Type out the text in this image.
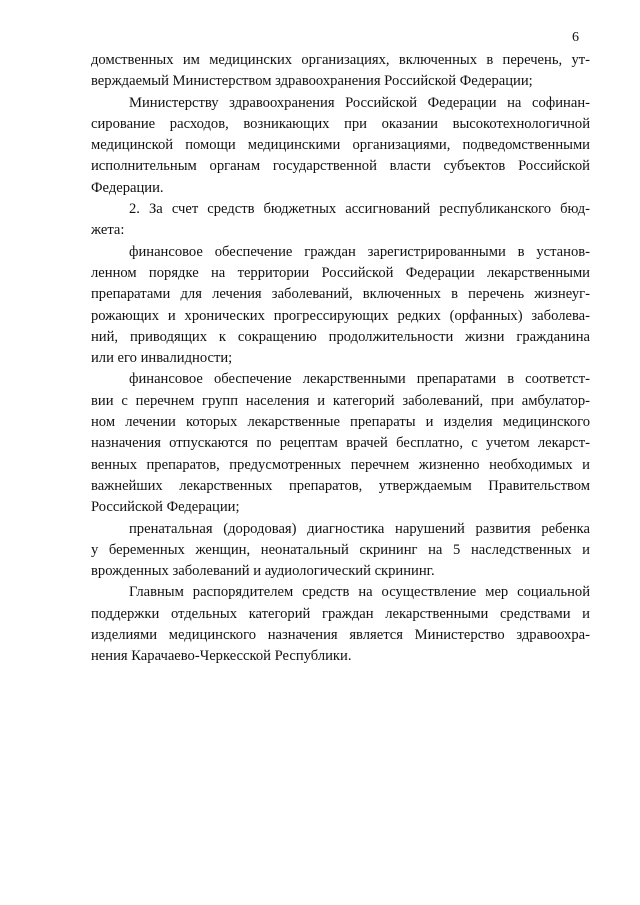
6
домственных им медицинских организациях, включенных в перечень, ут-
верждаемый Министерством здравоохранения Российской Федерации;
Министерству здравоохранения Российской Федерации на софинан-
сирование расходов, возникающих при оказании высокотехнологичной
медицинской помощи медицинскими организациями, подведомственными
исполнительным органам государственной власти субъектов Российской
Федерации.
2. За счет средств бюджетных ассигнований республиканского бюд-
жета:
финансовое обеспечение граждан зарегистрированными в установ-
ленном порядке на территории Российской Федерации лекарственными
препаратами для лечения заболеваний, включенных в перечень жизнеуг-
рожающих и хронических прогрессирующих редких (орфанных) заболева-
ний, приводящих к сокращению продолжительности жизни гражданина
или его инвалидности;
финансовое обеспечение лекарственными препаратами в соответст-
вии с перечнем групп населения и категорий заболеваний, при амбулатор-
ном лечении которых лекарственные препараты и изделия медицинского
назначения отпускаются по рецептам врачей бесплатно, с учетом лекарст-
венных препаратов, предусмотренных перечнем жизненно необходимых и
важнейших лекарственных препаратов, утверждаемым Правительством
Российской Федерации;
пренатальная (дородовая) диагностика нарушений развития ребенка
у беременных женщин, неонатальный скрининг на 5 наследственных и
врожденных заболеваний и аудиологический скрининг.
Главным распорядителем средств на осуществление мер социальной
поддержки отдельных категорий граждан лекарственными средствами и
изделиями медицинского назначения является Министерство здравоохра-
нения Карачаево-Черкесской Республики.
